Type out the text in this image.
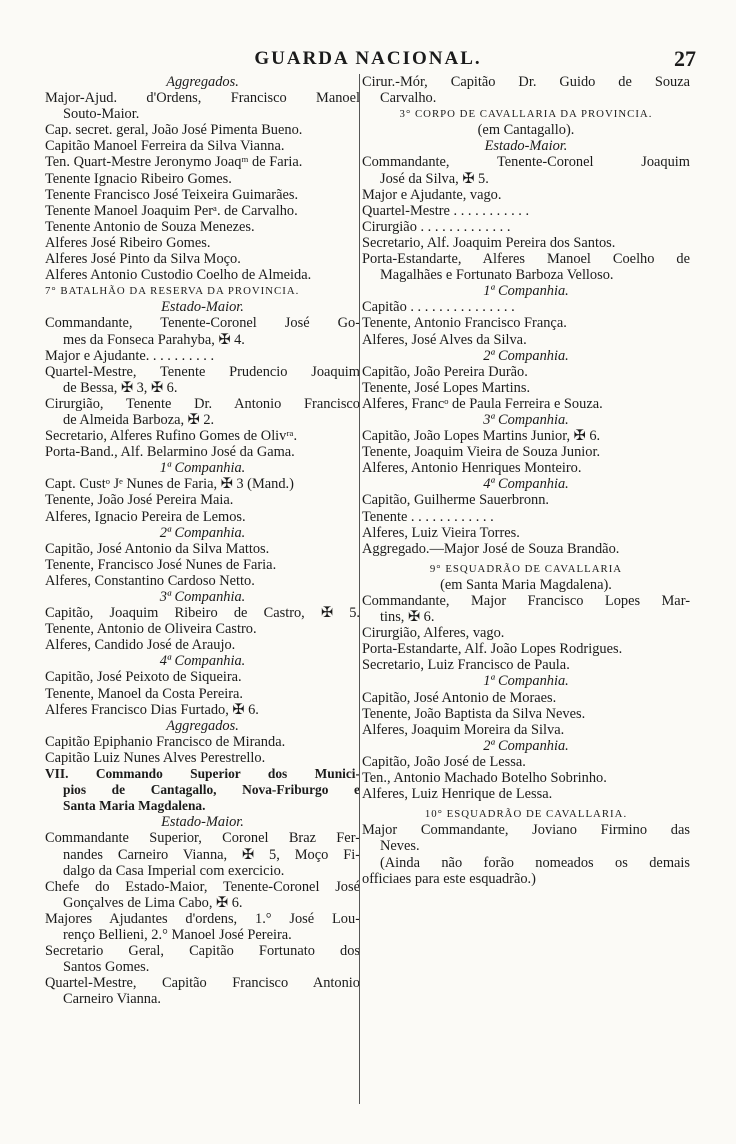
GUARDA NACIONAL.	27
Aggregados.
Major-Ajud. d'Ordens, Francisco Manoel
Souto-Maior.
Cap. secret. geral, João José Pimenta Bueno.
Capitão Manoel Ferreira da Silva Vianna.
Ten. Quart-Mestre Jeronymo Joaqᵐ de Faria.
Tenente Ignacio Ribeiro Gomes.
Tenente Francisco José Teixeira Guimarães.
Tenente Manoel Joaquim Perᵃ. de Carvalho.
Tenente Antonio de Souza Menezes.
Alferes José Ribeiro Gomes.
Alferes José Pinto da Silva Moço.
Alferes Antonio Custodio Coelho de Almeida.
7° BATALHÃO DA RESERVA DA PROVINCIA.
Estado-Maior.
Commandante, Tenente-Coronel José Go-
mes da Fonseca Parahyba, ✠ 4.
Major e Ajudante. . . . . . . . . .
Quartel-Mestre, Tenente Prudencio Joaquim
de Bessa, ✠ 3, ✠ 6.
Cirurgião, Tenente Dr. Antonio Francisco
de Almeida Barboza, ✠ 2.
Secretario, Alferes Rufino Gomes de Olivʳᵃ.
Porta-Band., Alf. Belarmino José da Gama.
1ª Companhia.
Capt. Custᵒ Jᵉ Nunes de Faria, ✠ 3 (Mand.)
Tenente, João José Pereira Maia.
Alferes, Ignacio Pereira de Lemos.
2ª Companhia.
Capitão, José Antonio da Silva Mattos.
Tenente, Francisco José Nunes de Faria.
Alferes, Constantino Cardoso Netto.
3ª Companhia.
Capitão, Joaquim Ribeiro de Castro, ✠ 5.
Tenente, Antonio de Oliveira Castro.
Alferes, Candido José de Araujo.
4ª Companhia.
Capitão, José Peixoto de Siqueira.
Tenente, Manoel da Costa Pereira.
Alferes Francisco Dias Furtado, ✠ 6.
Aggregados.
Capitão Epiphanio Francisco de Miranda.
Capitão Luiz Nunes Alves Perestrello.
VII. Commando Superior dos Munici-
pios de Cantagallo, Nova-Friburgo e
Santa Maria Magdalena.
Estado-Maior.
Commandante Superior, Coronel Braz Fer-
nandes Carneiro Vianna, ✠ 5, Moço Fi-
dalgo da Casa Imperial com exercicio.
Chefe do Estado-Maior, Tenente-Coronel José
Gonçalves de Lima Cabo, ✠ 6.
Majores Ajudantes d'ordens, 1.° José Lou-
renço Bellieni, 2.° Manoel José Pereira.
Secretario Geral, Capitão Fortunato dos
Santos Gomes.
Quartel-Mestre, Capitão Francisco Antonio
Carneiro Vianna.
Cirur.-Mór, Capitão Dr. Guido de Souza
Carvalho.
3° CORPO DE CAVALLARIA DA PROVINCIA.
(em Cantagallo).
Estado-Maior.
Commandante, Tenente-Coronel Joaquim
José da Silva, ✠ 5.
Major e Ajudante, vago.
Quartel-Mestre . . . . . . . . . . .
Cirurgião . . . . . . . . . . . . .
Secretario, Alf. Joaquim Pereira dos Santos.
Porta-Estandarte, Alferes Manoel Coelho de
Magalhães e Fortunato Barboza Velloso.
1ª Companhia.
Capitão . . . . . . . . . . . . . . .
Tenente, Antonio Francisco França.
Alferes, José Alves da Silva.
2ª Companhia.
Capitão, João Pereira Durão.
Tenente, José Lopes Martins.
Alferes, Francᵒ de Paula Ferreira e Souza.
3ª Companhia.
Capitão, João Lopes Martins Junior, ✠ 6.
Tenente, Joaquim Vieira de Souza Junior.
Alferes, Antonio Henriques Monteiro.
4ª Companhia.
Capitão, Guilherme Sauerbronn.
Tenente . . . . . . . . . . . .
Alferes, Luiz Vieira Torres.
Aggregado.—Major José de Souza Brandão.
9° ESQUADRÃO DE CAVALLARIA
(em Santa Maria Magdalena).
Commandante, Major Francisco Lopes Mar-
tins, ✠ 6.
Cirurgião, Alferes, vago.
Porta-Estandarte, Alf. João Lopes Rodrigues.
Secretario, Luiz Francisco de Paula.
1ª Companhia.
Capitão, José Antonio de Moraes.
Tenente, João Baptista da Silva Neves.
Alferes, Joaquim Moreira da Silva.
2ª Companhia.
Capitão, João José de Lessa.
Ten., Antonio Machado Botelho Sobrinho.
Alferes, Luiz Henrique de Lessa.
10° ESQUADRÃO DE CAVALLARIA.
Major Commandante, Joviano Firmino das
Neves.
(Ainda não forão nomeados os demais
officiaes para este esquadrão.)
